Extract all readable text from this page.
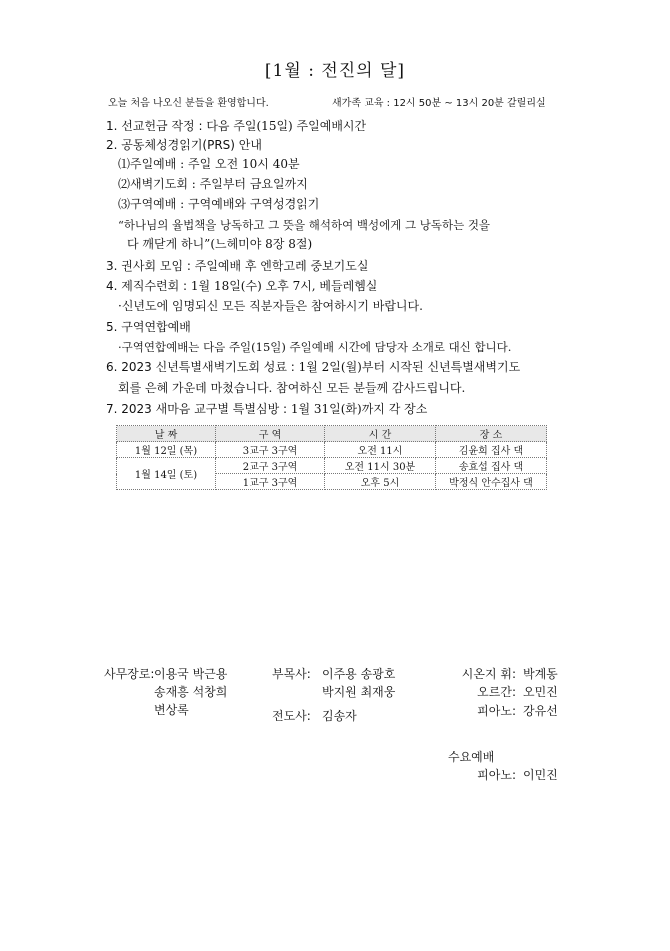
[1월 : 전진의 달]
오늘 처음 나오신 분들을 환영합니다.	새가족 교육 : 12시 50분 ~ 13시 20분 갈릴리실
1. 선교헌금 작정 : 다음 주일(15일) 주일예배시간
2. 공동체성경읽기(PRS) 안내
⑴주일예배 : 주일 오전 10시 40분
⑵새벽기도회 : 주일부터 금요일까지
⑶구역예배 : 구역예배와 구역성경읽기
“하나님의 율법책을 낭독하고 그 뜻을 해석하여 백성에게 그 낭독하는 것을
다 깨닫게 하니”(느헤미야 8장 8절)
3. 권사회 모임 : 주일예배 후 엔학고레 중보기도실
4. 제직수련회 : 1월 18일(수) 오후 7시, 베들레헴실
·신년도에 임명되신 모든 직분자들은 참여하시기 바랍니다.
5. 구역연합예배
·구역연합예배는 다음 주일(15일) 주일예배 시간에 담당자 소개로 대신 합니다.
6. 2023 신년특별새벽기도회 성료 : 1월 2일(월)부터 시작된 신년특별새벽기도
회를 은혜 가운데 마쳤습니다. 참여하신 모든 분들께 감사드립니다.
7. 2023 새마음 교구별 특별심방 : 1월 31일(화)까지 각 장소
날 짜	구 역	시 간	장 소
1월 12일 (목)	3교구 3구역	오전 11시	김윤희 집사 댁
1월 14일 (토)	2교구 3구역	오전 11시 30분	송효섭 집사 댁
	1교구 3구역	오후 5시	박정식 안수집사 댁
사무장로: 이용국 박근용
송재흥 석창희
변상록
부목사: 이주용 송광호
박지원 최재웅
전도사: 김송자
시온지 휘: 박계동
오르간: 오민진
피아노: 강유선
수요예배
피아노: 이민진
